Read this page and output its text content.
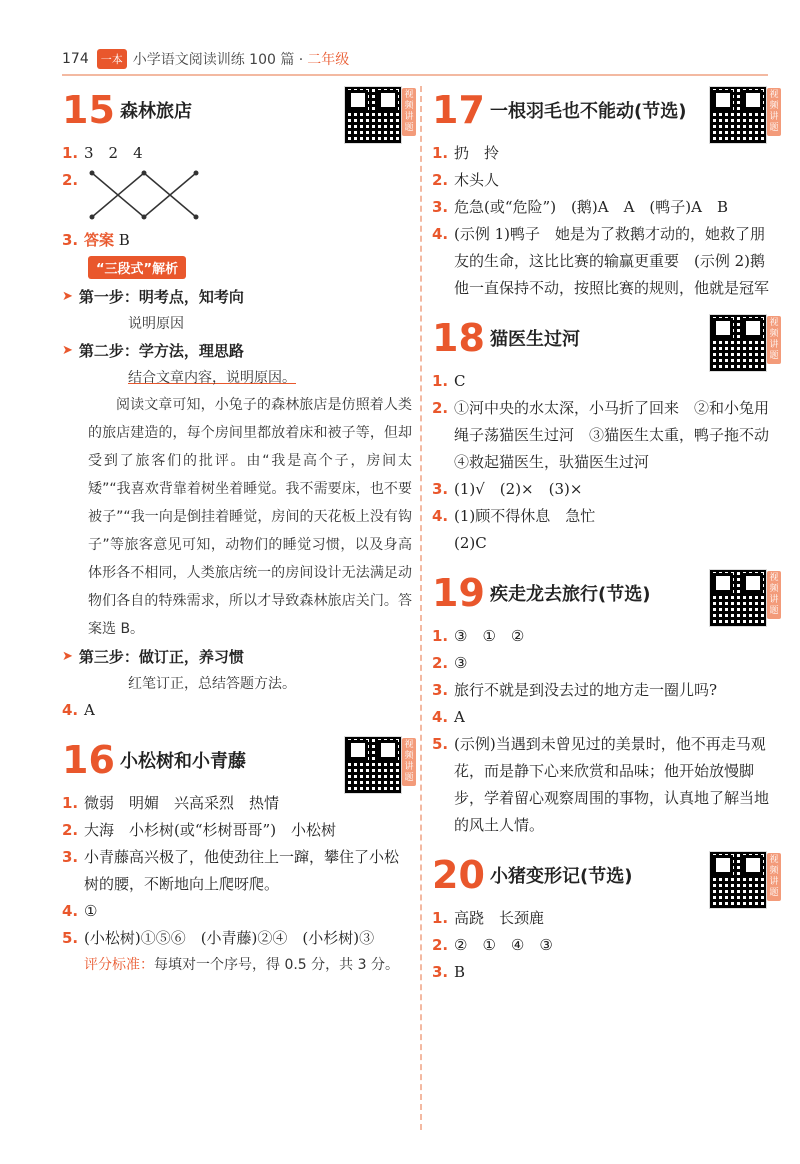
174	一本 小学语文阅读训练 100 篇 · 二年级
15 森林旅店
视频讲题
1. 3　2　4
2.
3. 答案 B
“三段式”解析
➤ 第一步：明考点，知考向
说明原因
➤ 第二步：学方法，理思路
结合文章内容，说明原因。

阅读文章可知，小兔子的森林旅店是仿照着人类的旅店建造的，每个房间里都放着床和被子等，但却受到了旅客们的批评。由“我是高个子，房间太矮”“我喜欢背靠着树坐着睡觉。我不需要床，也不要被子”“我一向是倒挂着睡觉，房间的天花板上没有钩子”等旅客意见可知，动物们的睡觉习惯，以及身高体形各不相同，人类旅店统一的房间设计无法满足动物们各自的特殊需求，所以才导致森林旅店关门。答案选 B。

➤ 第三步：做订正，养习惯
红笔订正，总结答题方法。
4. A
16 小松树和小青藤
视频讲题
1. 微弱　明媚　兴高采烈　热情
2. 大海　小杉树(或“杉树哥哥”)　小松树
3. 小青藤高兴极了，他使劲往上一蹿，攀住了小松树的腰，不断地向上爬呀爬。
4. ①
5. (小松树)①⑤⑥　(小青藤)②④　(小杉树)③
评分标准：每填对一个序号，得 0.5 分，共 3 分。
17 一根羽毛也不能动(节选)
视频讲题
1. 扔　拎
2. 木头人
3. 危急(或“危险”)　(鹅)A　A　(鸭子)A　B
4. (示例 1)鸭子　她是为了救鹅才动的，她救了朋友的生命，这比比赛的输赢更重要　(示例 2)鹅　他一直保持不动，按照比赛的规则，他就是冠军
18 猫医生过河
视频讲题
1. C
2. ①河中央的水太深，小马折了回来　②和小兔用绳子荡猫医生过河　③猫医生太重，鸭子拖不动　④救起猫医生，驮猫医生过河
3. (1)√　(2)×　(3)×
4. (1)顾不得休息　急忙
(2)C
19 疾走龙去旅行(节选)
视频讲题
1. ③　①　②
2. ③
3. 旅行不就是到没去过的地方走一圈儿吗?
4. A
5. (示例)当遇到未曾见过的美景时，他不再走马观花，而是静下心来欣赏和品味；他开始放慢脚步，学着留心观察周围的事物，认真地了解当地的风土人情。
20 小猪变形记(节选)
视频讲题
1. 高跷　长颈鹿
2. ②　①　④　③
3. B
